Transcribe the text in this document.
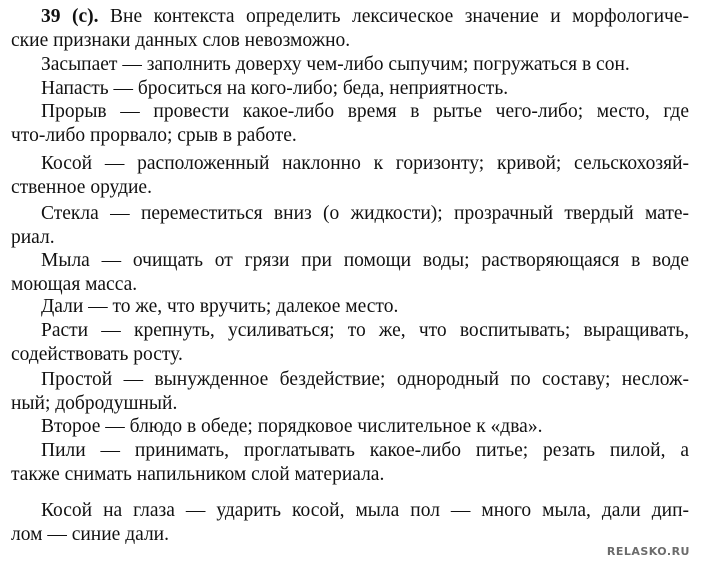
39 (с). Вне контекста определить лексическое значение и морфологиче-
ские признаки данных слов невозможно.
Засыпает — заполнить доверху чем-либо сыпучим; погружаться в сон.
Напасть — броситься на кого-либо; беда, неприятность.
Прорыв — провести какое-либо время в рытье чего-либо; место, где
что-либо прорвало; срыв в работе.
Косой — расположенный наклонно к горизонту; кривой; сельскохозяй-
ственное орудие.
Стекла — переместиться вниз (о жидкости); прозрачный твердый мате-
риал.
Мыла — очищать от грязи при помощи воды; растворяющаяся в воде
моющая масса.
Дали — то же, что вручить; далекое место.
Расти — крепнуть, усиливаться; то же, что воспитывать; выращивать,
содействовать росту.
Простой — вынужденное бездействие; однородный по составу; неслож-
ный; добродушный.
Второе — блюдо в обеде; порядковое числительное к «два».
Пили — принимать, проглатывать какое-либо питье; резать пилой, а
также снимать напильником слой материала.
Косой на глаза — ударить косой, мыла пол — много мыла, дали дип-
лом — синие дали.
RELASKO.RU
